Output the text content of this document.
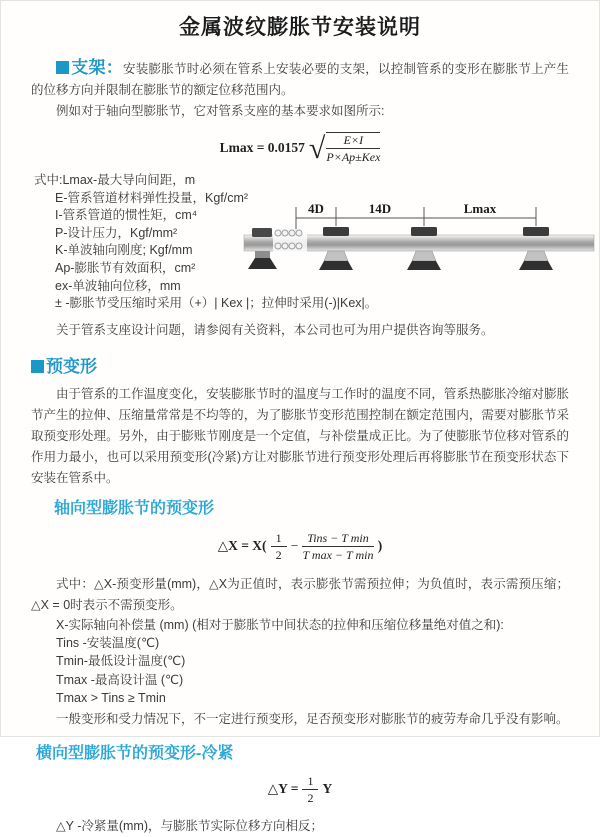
金属波纹膨胀节安装说明

支架：安装膨胀节时必须在管系上安装必要的支架，以控制管系的变形在膨胀节上产生的位移方向并限制在膨胀节的额定位移范围内。

例如对于轴向型膨胀节，它对管系支座的基本要求如图所示:

Lmax = 0.0157 √ $\frac{E\times I}{\text{P×Ap±Kex}}$
式中:Lmax-最大导向间距，m
E-管系管道材料弹性投量，Kgf/cm²
I-管系管道的惯性矩，cm⁴
P-设计压力，Kgf/mm²
K-单波轴向刚度; Kgf/mm
Ap-膨胀节有效面积，cm²
ex-单波轴向位移，mm
± -膨胀节受压缩时采用（+）| Kex |；拉伸时采用(-)|Kex|。
4D	14D	Lmax

关于管系支座设计问题，请参阅有关资料，本公司也可为用户提供咨询等服务。

预变形

由于管系的工作温度变化，安装膨胀节时的温度与工作时的温度不同，管系热膨胀冷缩对膨胀节产生的拉伸、压缩量常常是不均等的，为了膨胀节变形范围控制在额定范围内，需要对膨胀节采取预变形处理。另外，由于膨账节刚度是一个定值，与补偿量成正比。为了使膨胀节位移对管系的作用力最小，也可以采用预变形(冷紧)方让对膨胀节进行预变形处理后再将膨胀节在预变形状态下安装在管系中。

轴向型膨胀节的预变形
△X = $X( \frac{1}{2} - \frac{\text{Tins − T min}}{\text{T max − T min}}$ )

式中：△X-预变形量(mm)，△X为正值时，表示膨张节需预拉伸；为负值时，表示需预压缩；△X = 0时表示不需预变形。

X-实际轴向补偿量 (mm) (相对于膨胀节中间状态的拉伸和压缩位移量绝对值之和):
Tins -安装温度(℃)
Tmin-最低设计温度(℃)
Tmax -最高设计温 (℃)
Tmax > Tins ≥ Tmin

一般变形和受力情况下，不一定进行预变形，足否预变形对膨胀节的疲劳寿命几乎没有影响。

横向型膨胀节的预变形-冷紧
△Y = $\frac{1}{2}$ Y

△Y -冷紧量(mm)，与膨胀节实际位移方向相反；
